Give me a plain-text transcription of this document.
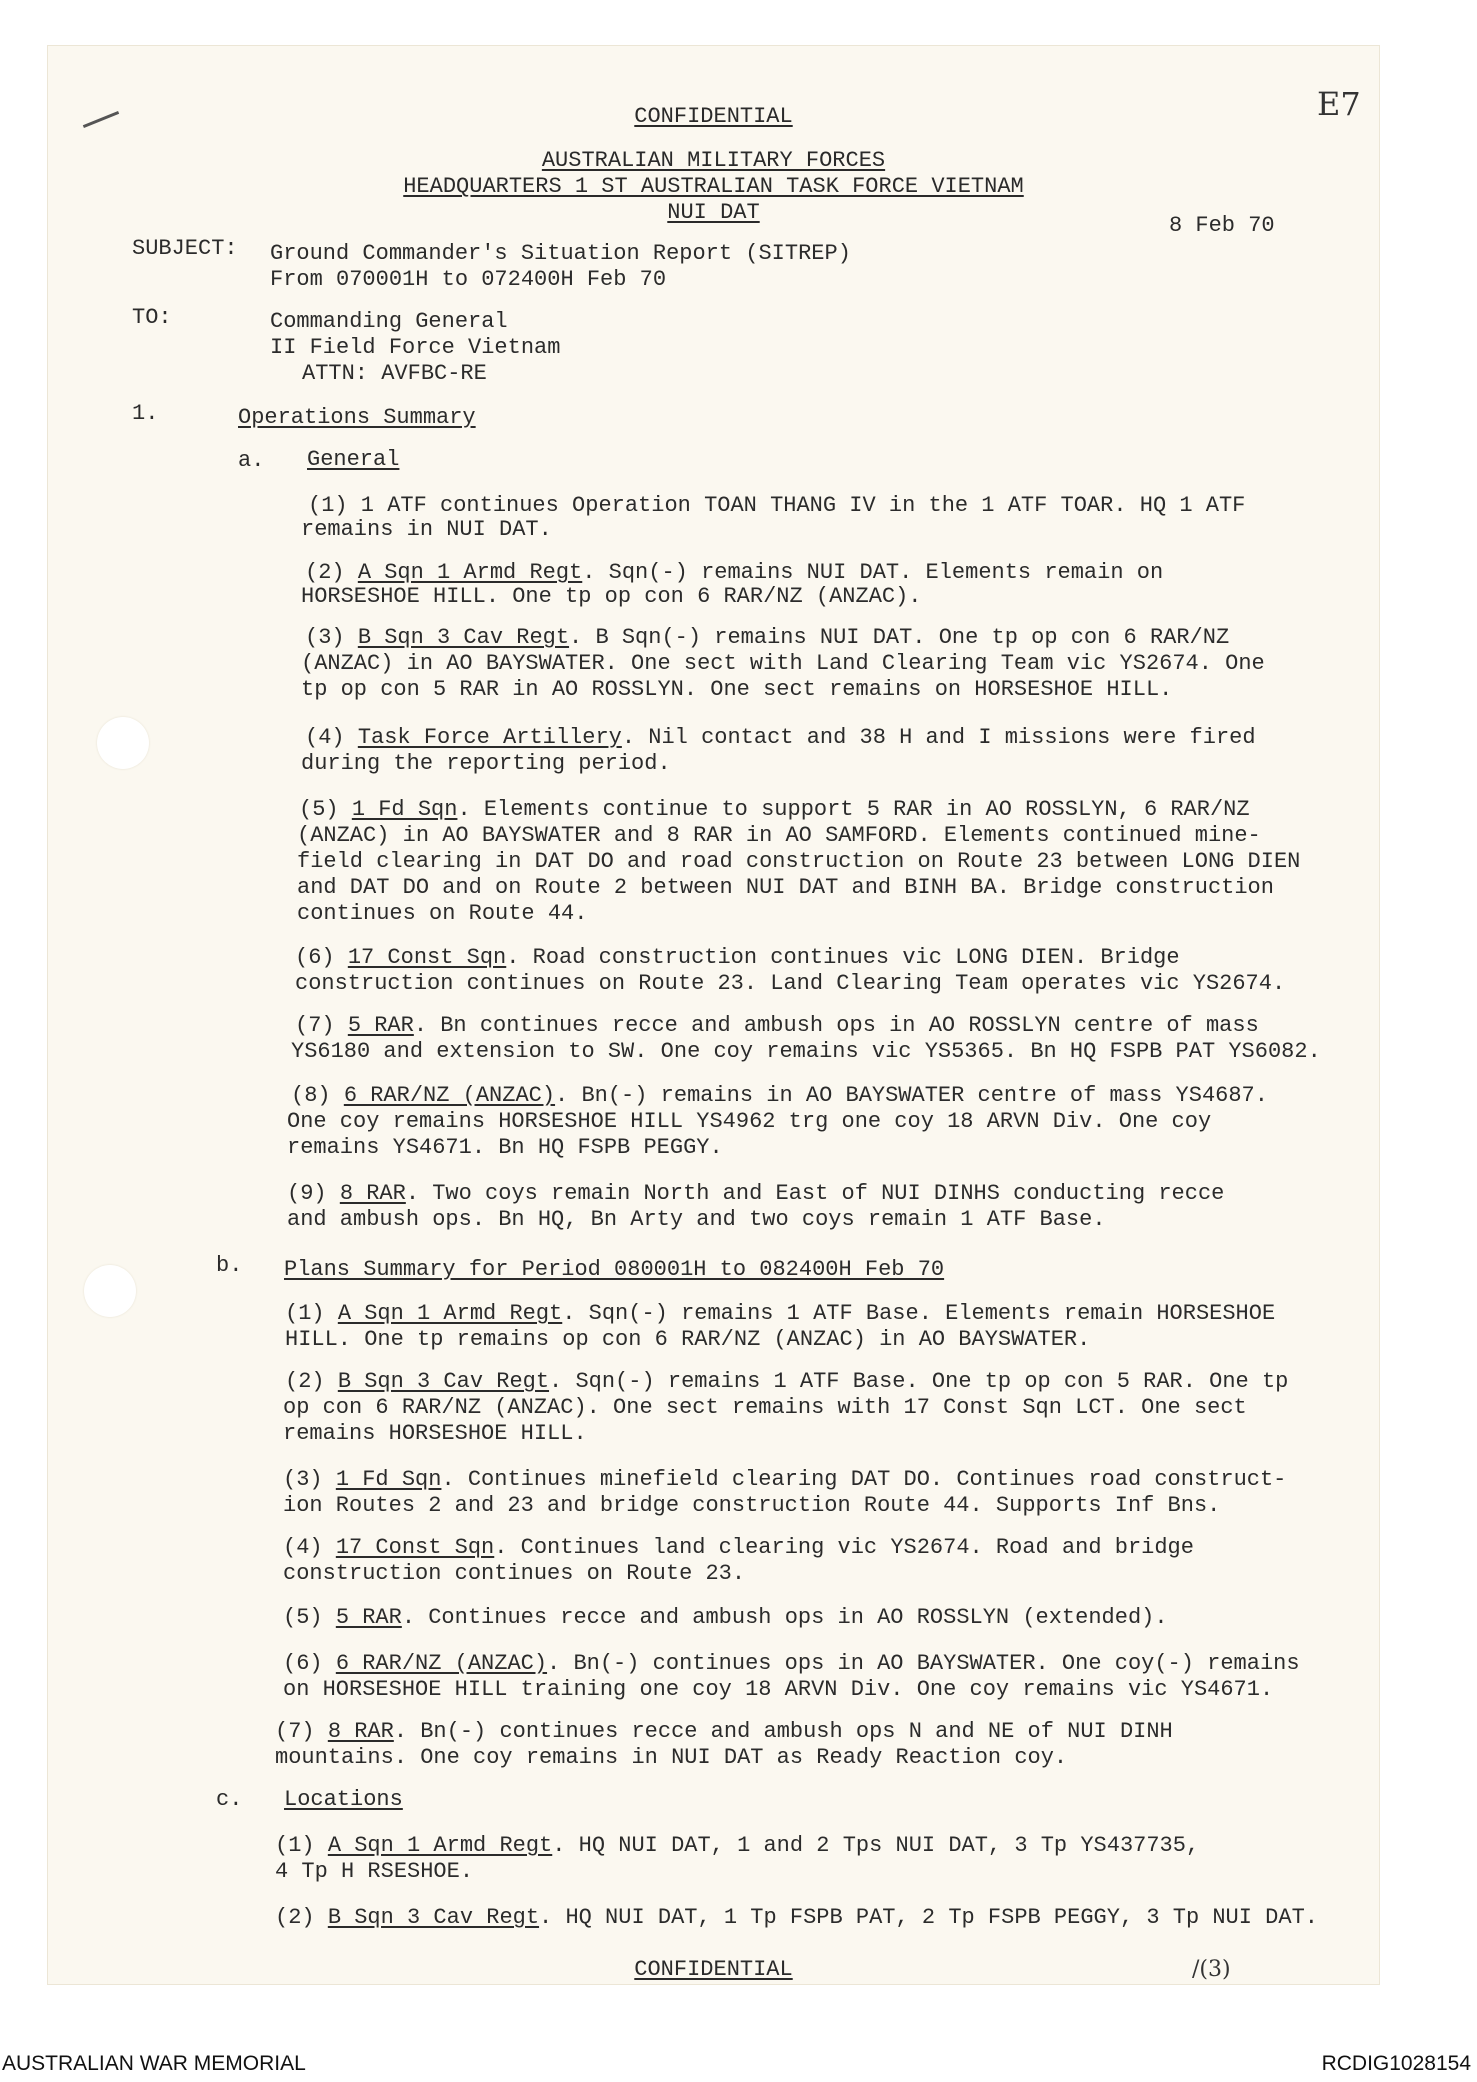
E7
CONFIDENTIAL
AUSTRALIAN MILITARY FORCES
HEADQUARTERS 1 ST AUSTRALIAN TASK FORCE VIETNAM
NUI DAT
8 Feb 70
SUBJECT: Ground Commander's Situation Report (SITREP)
From 070001H to 072400H Feb 70
TO:	Commanding General
II Field Force Vietnam
ATTN: AVFBC-RE
1.	Operations Summary
a. General
(1) 1 ATF continues Operation TOAN THANG IV in the 1 ATF TOAR. HQ 1 ATF
remains in NUI DAT.
(2) A Sqn 1 Armd Regt. Sqn(-) remains NUI DAT. Elements remain on
HORSESHOE HILL. One tp op con 6 RAR/NZ (ANZAC).
(3) B Sqn 3 Cav Regt. B Sqn(-) remains NUI DAT. One tp op con 6 RAR/NZ
(ANZAC) in AO BAYSWATER. One sect with Land Clearing Team vic YS2674. One
tp op con 5 RAR in AO ROSSLYN. One sect remains on HORSESHOE HILL.
(4) Task Force Artillery. Nil contact and 38 H and I missions were fired
during the reporting period.
(5) 1 Fd Sqn. Elements continue to support 5 RAR in AO ROSSLYN, 6 RAR/NZ
(ANZAC) in AO BAYSWATER and 8 RAR in AO SAMFORD. Elements continued mine-
field clearing in DAT DO and road construction on Route 23 between LONG DIEN
and DAT DO and on Route 2 between NUI DAT and BINH BA. Bridge construction
continues on Route 44.
(6) 17 Const Sqn. Road construction continues vic LONG DIEN. Bridge
construction continues on Route 23. Land Clearing Team operates vic YS2674.
(7) 5 RAR. Bn continues recce and ambush ops in AO ROSSLYN centre of mass
YS6180 and extension to SW. One coy remains vic YS5365. Bn HQ FSPB PAT YS6082.
(8) 6 RAR/NZ (ANZAC). Bn(-) remains in AO BAYSWATER centre of mass YS4687.
One coy remains HORSESHOE HILL YS4962 trg one coy 18 ARVN Div. One coy
remains YS4671. Bn HQ FSPB PEGGY.
(9) 8 RAR. Two coys remain North and East of NUI DINHS conducting recce
and ambush ops. Bn HQ, Bn Arty and two coys remain 1 ATF Base.
b. Plans Summary for Period 080001H to 082400H Feb 70
(1) A Sqn 1 Armd Regt. Sqn(-) remains 1 ATF Base. Elements remain HORSESHOE
HILL. One tp remains op con 6 RAR/NZ (ANZAC) in AO BAYSWATER.
(2) B Sqn 3 Cav Regt. Sqn(-) remains 1 ATF Base. One tp op con 5 RAR. One tp
op con 6 RAR/NZ (ANZAC). One sect remains with 17 Const Sqn LCT. One sect
remains HORSESHOE HILL.
(3) 1 Fd Sqn. Continues minefield clearing DAT DO. Continues road construct-
ion Routes 2 and 23 and bridge construction Route 44. Supports Inf Bns.
(4) 17 Const Sqn. Continues land clearing vic YS2674. Road and bridge
construction continues on Route 23.
(5) 5 RAR. Continues recce and ambush ops in AO ROSSLYN (extended).
(6) 6 RAR/NZ (ANZAC). Bn(-) continues ops in AO BAYSWATER. One coy(-) remains
on HORSESHOE HILL training one coy 18 ARVN Div. One coy remains vic YS4671.
(7) 8 RAR. Bn(-) continues recce and ambush ops N and NE of NUI DINH
mountains. One coy remains in NUI DAT as Ready Reaction coy.
c. Locations
(1) A Sqn 1 Armd Regt. HQ NUI DAT, 1 and 2 Tps NUI DAT, 3 Tp YS437735,
4 Tp H RSESHOE.
(2) B Sqn 3 Cav Regt. HQ NUI DAT, 1 Tp FSPB PAT, 2 Tp FSPB PEGGY, 3 Tp NUI DAT.
CONFIDENTIAL	/(3)
AUSTRALIAN WAR MEMORIAL	RCDIG1028154
